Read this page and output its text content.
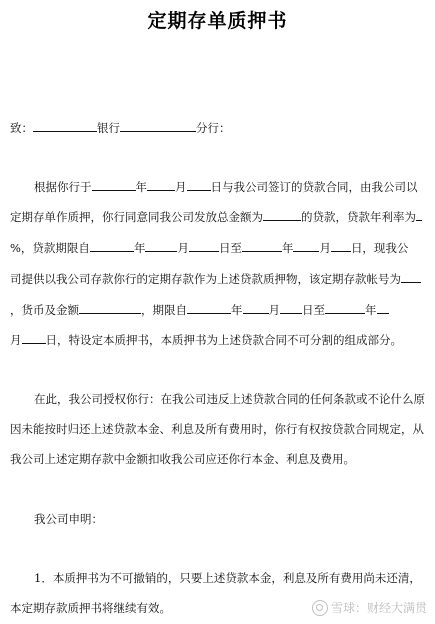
定期存单质押书
致：	银行	分行：
根据你行于	年 月 日与我公司签订的贷款合同，由我公司以
定期存单作质押，你行同意同我公司发放总金额为	的贷款，贷款年利率为
%，贷款期限自	年	月	日至	年 月 日，现我公
司提供以我公司存款你行的定期存款作为上述贷款质押物，该定期存款帐号为
，货币及金额	，期限自	年 月 日至	年
月 日，特设定本质押书，本质押书为上述贷款合同不可分割的组成部分。
在此，我公司授权你行：在我公司违反上述贷款合同的任何条款或不论什么原
因未能按时归还上述贷款本金、利息及所有费用时，你行有权按贷款合同规定，从
我公司上述定期存款中金额扣收我公司应还你行本金、利息及费用。
我公司申明：
1．本质押书为不可撤销的，只要上述贷款本金，利息及所有费用尚未还清，
本定期存款质押书将继续有效。	雪球：财经大满贯
